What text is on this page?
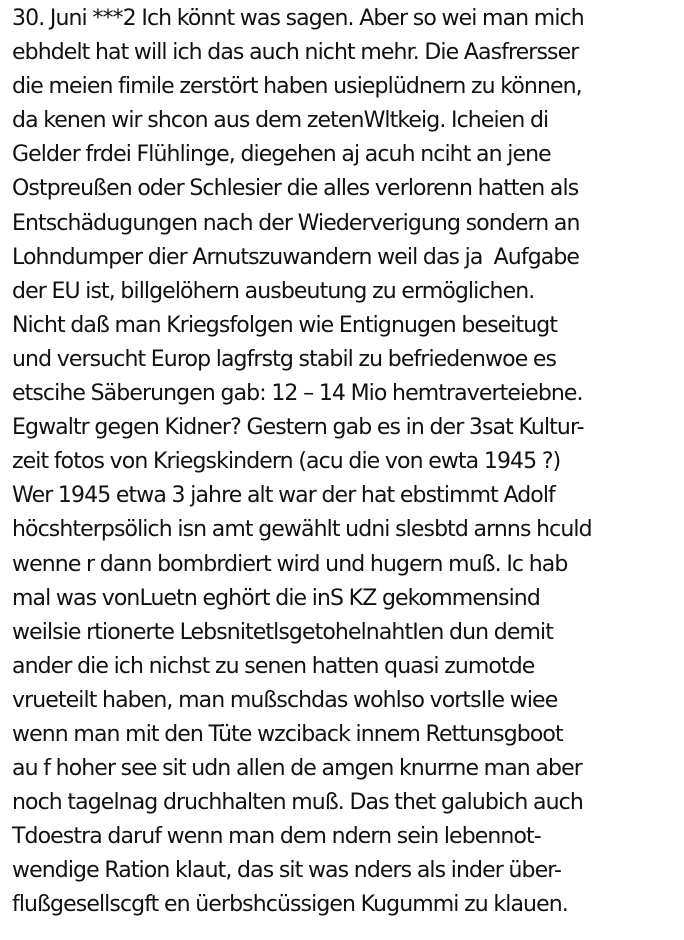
30. Juni ***2 Ich könnt was sagen. Aber so wei man mich
ebhdelt hat will ich das auch nicht mehr. Die Aasfrersser
die meien fimile zerstört haben usieplüdnern zu können,
da kenen wir shcon aus dem zetenWltkeig. Icheien di
Gelder frdei Flühlinge, diegehen aj acuh nciht an jene
Ostpreußen oder Schlesier die alles verlorenn hatten als
Entschädugungen nach der Wiederverigung sondern an
Lohndumper dier Arnutszuwandern weil das ja  Aufgabe
der EU ist, billgelöhern ausbeutung zu ermöglichen.
Nicht daß man Kriegsfolgen wie Entignugen beseitugt
und versucht Europ lagfrstg stabil zu befriedenwoe es
etscihe Säberungen gab: 12 – 14 Mio hemtraverteiebne.
Egwaltr gegen Kidner? Gestern gab es in der 3sat Kultur-
zeit fotos von Kriegskindern (acu die von ewta 1945 ?)
Wer 1945 etwa 3 jahre alt war der hat ebstimmt Adolf
höcshterpsölich isn amt gewählt udni slesbtd arnns hculd
wenne r dann bombrdiert wird und hugern muß. Ic hab
mal was vonLuetn eghört die inS KZ gekommensind
weilsie rtionerte LebsnitetlsgetohelnahtIen dun demit
ander die ich nichst zu senen hatten quasi zumotde
vrueteilt haben, man mußschdas wohlso vortsIle wiee
wenn man mit den Tüte wzciback innem Rettunsgboot
au f hoher see sit udn allen de amgen knurrne man aber
noch tagelnag druchhalten muß. Das thet galubich auch
Tdoestra daruf wenn man dem ndern sein lebennot-
wendige Ration klaut, das sit was nders als inder über-
flußgesellscgft en üerbshcüssigen Kugummi zu klauen.
